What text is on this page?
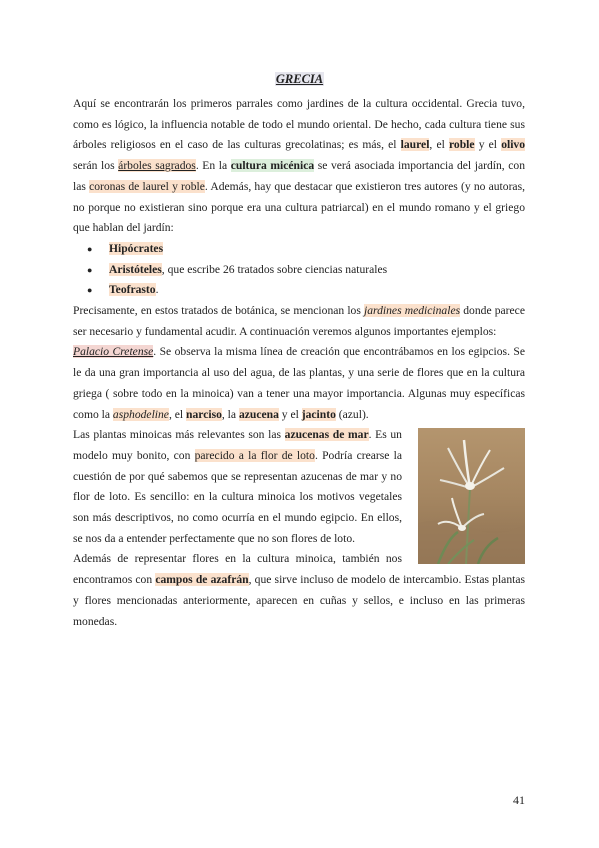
GRECIA

Aquí se encontrarán los primeros parrales como jardines de la cultura occidental. Grecia tuvo, como es lógico, la influencia notable de todo el mundo oriental. De hecho, cada cultura tiene sus árboles religiosos en el caso de las culturas grecolatinas; es más, el laurel, el roble y el olivo serán los árboles sagrados. En la cultura micénica se verá asociada importancia del jardín, con las coronas de laurel y roble. Además, hay que destacar que existieron tres autores (y no autoras, no porque no existieran sino porque era una cultura patriarcal) en el mundo romano y el griego que hablan del jardín:

● Hipócrates
● Aristóteles, que escribe 26 tratados sobre ciencias naturales
● Teofrasto.

Precisamente, en estos tratados de botánica, se mencionan los jardines medicinales donde parece ser necesario y fundamental acudir. A continuación veremos algunos importantes ejemplos:

Palacio Cretense. Se observa la misma línea de creación que encontrábamos en los egipcios. Se le da una gran importancia al uso del agua, de las plantas, y una serie de flores que en la cultura griega ( sobre todo en la minoica) van a tener una mayor importancia. Algunas muy específicas como la asphodeline, el narciso, la azucena y el jacinto (azul).

Las plantas minoicas más relevantes son las azucenas de mar. Es un modelo muy bonito, con parecido a la flor de loto. Podría crearse la cuestión de por qué sabemos que se representan azucenas de mar y no flor de loto. Es sencillo: en la cultura minoica los motivos vegetales son más descriptivos, no como ocurría en el mundo egipcio. En ellos, se nos da a entender perfectamente que no son flores de loto.

Además de representar flores en la cultura minoica, también nos encontramos con campos de azafrán, que sirve incluso de modelo de intercambio. Estas plantas y flores mencionadas anteriormente, aparecen en cuñas y sellos, e incluso en las primeras monedas.

41
